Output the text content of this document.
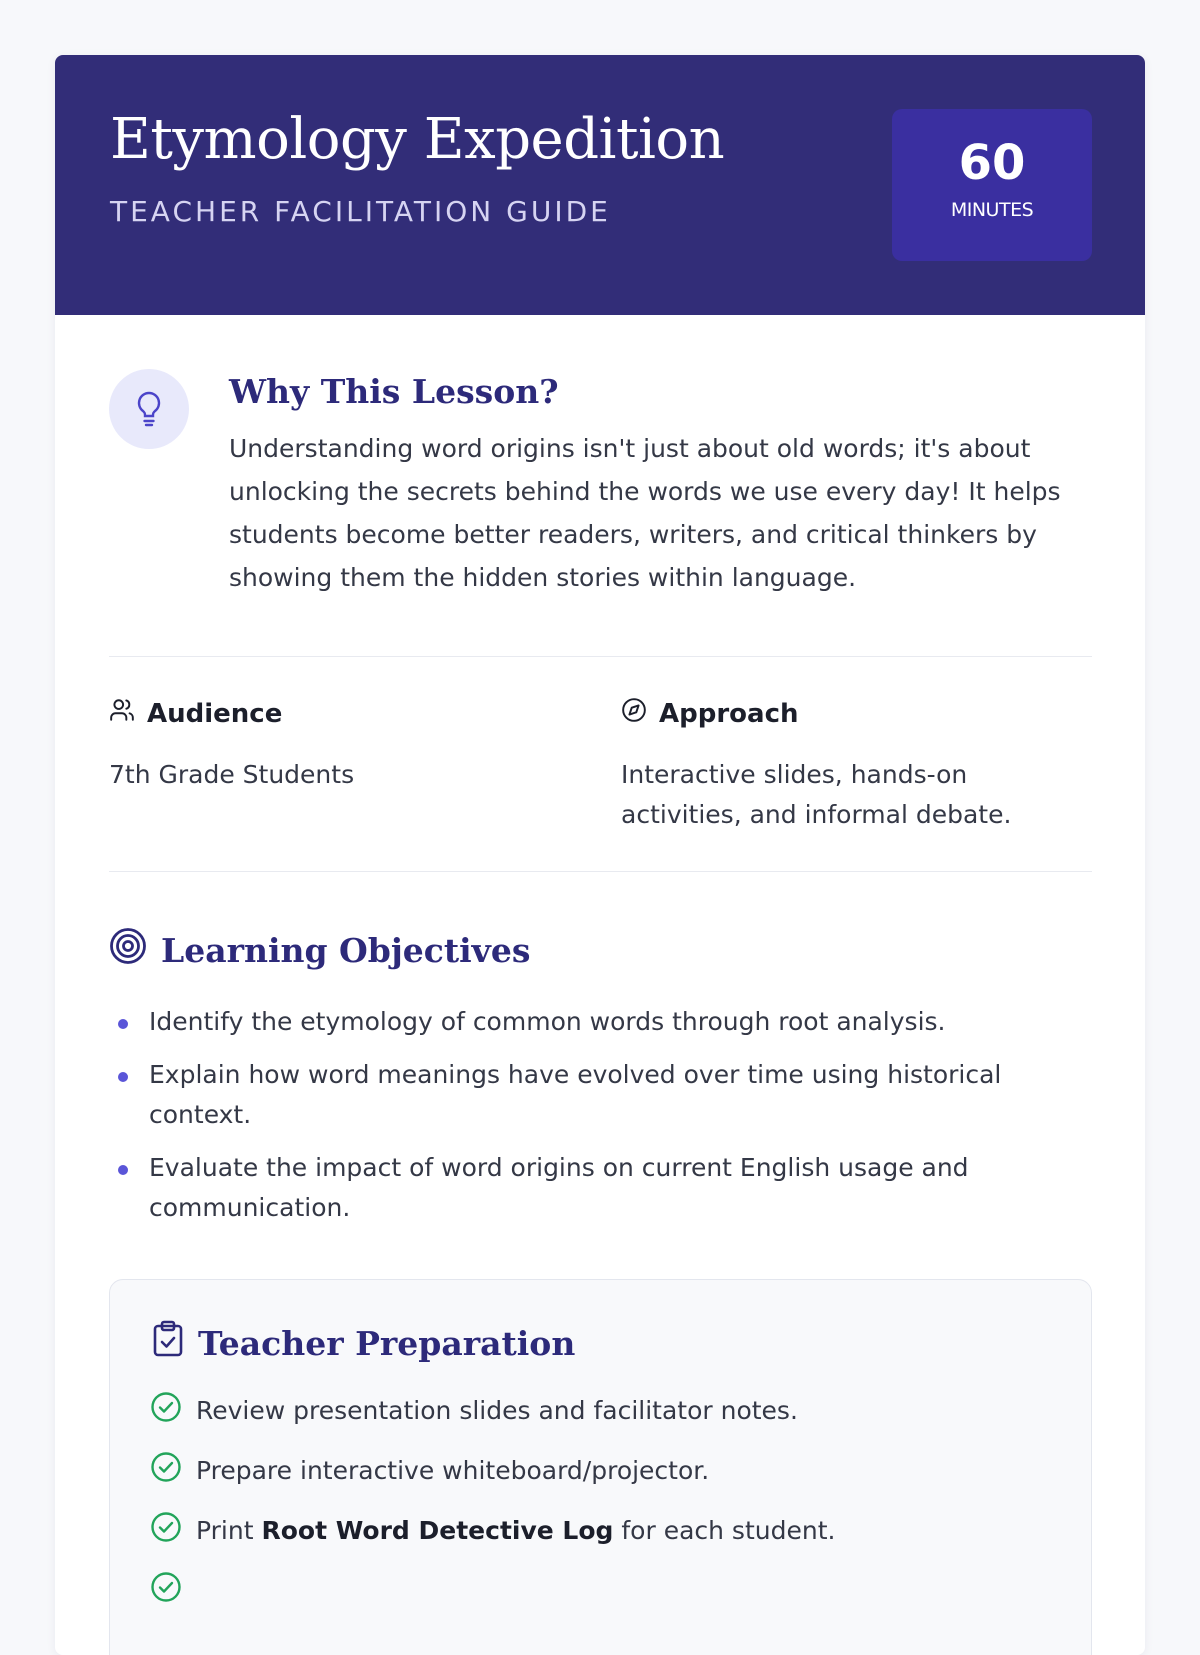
Etymology Expedition
TEACHER FACILITATION GUIDE
60
MINUTES
Why This Lesson?

Understanding word origins isn't just about old words; it's about unlocking the secrets behind the words we use every day! It helps students become better readers, writers, and critical thinkers by showing them the hidden stories within language.

Audience
7th Grade Students
Approach
Interactive slides, hands-on activities, and informal debate.
Learning Objectives
Identify the etymology of common words through root analysis.
Explain how word meanings have evolved over time using historical context.
Evaluate the impact of word origins on current English usage and communication.
Teacher Preparation
Review presentation slides and facilitator notes.
Prepare interactive whiteboard/projector.
Print Root Word Detective Log for each student.
